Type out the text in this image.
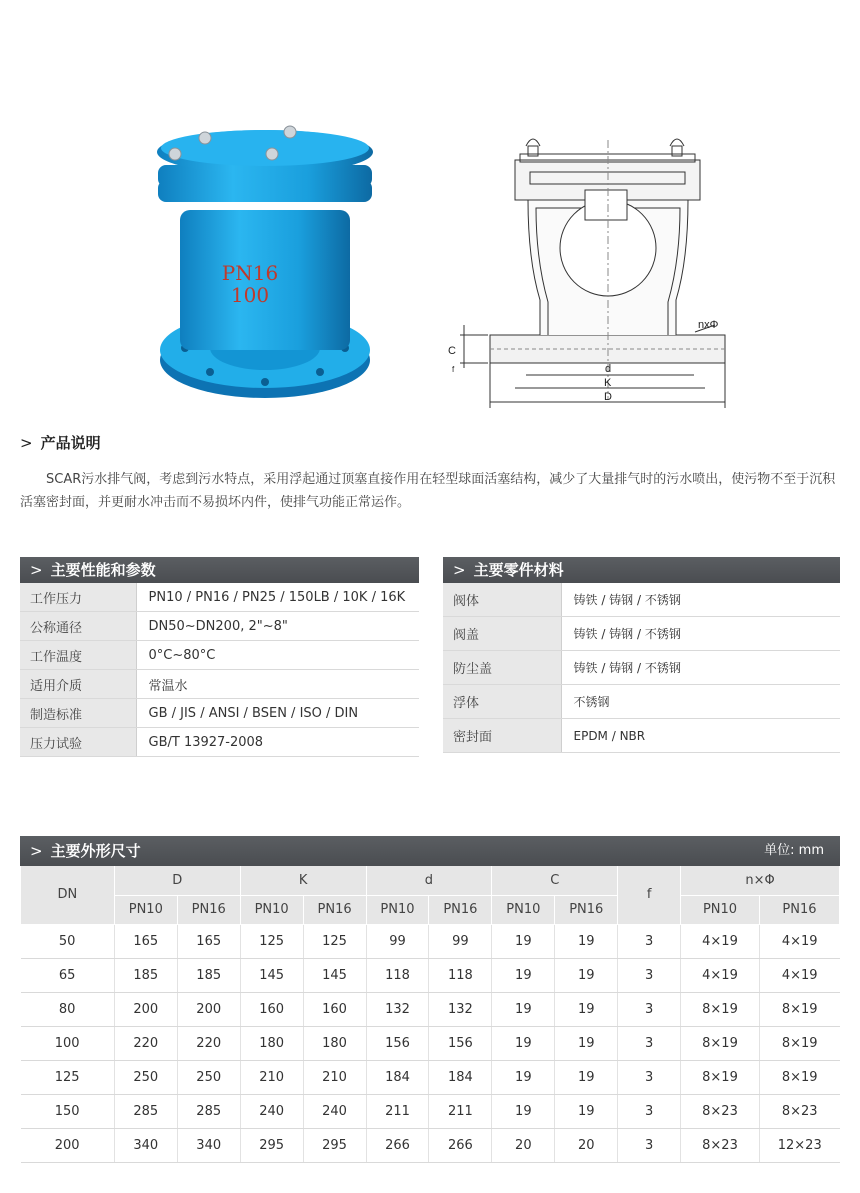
PN16
100
nxΦ
C
f	d
K
D
> 产品说明
SCAR污水排气阀，考虑到污水特点，采用浮起通过顶塞直接作用在轻型球面活塞结构，减少了大量排气时的污水喷出，使污物不至于沉积活塞密封面，并更耐水冲击而不易损坏内件，使排气功能正常运作。
> 主要性能和参数
工作压力	PN10 / PN16 / PN25 / 150LB / 10K / 16K
公称通径	DN50~DN200, 2"~8"
工作温度	0°C~80°C
适用介质	常温水
制造标准	GB / JIS / ANSI / BSEN / ISO / DIN
压力试验	GB/T 13927-2008
> 主要零件材料
阀体	铸铁 / 铸钢 / 不锈钢
阀盖	铸铁 / 铸钢 / 不锈钢
防尘盖	铸铁 / 铸钢 / 不锈钢
浮体	不锈钢
密封面	EPDM / NBR
> 主要外形尺寸	单位: mm
DN	D		K		d		C		f	n×Φ	
	PN10	PN16	PN10	PN16	PN10	PN16	PN10	PN16		PN10	PN16
50	165	165	125	125	99	99	19	19	3	4×19	4×19
65	185	185	145	145	118	118	19	19	3	4×19	4×19
80	200	200	160	160	132	132	19	19	3	8×19	8×19
100	220	220	180	180	156	156	19	19	3	8×19	8×19
125	250	250	210	210	184	184	19	19	3	8×19	8×19
150	285	285	240	240	211	211	19	19	3	8×23	8×23
200	340	340	295	295	266	266	20	20	3	8×23	12×23
